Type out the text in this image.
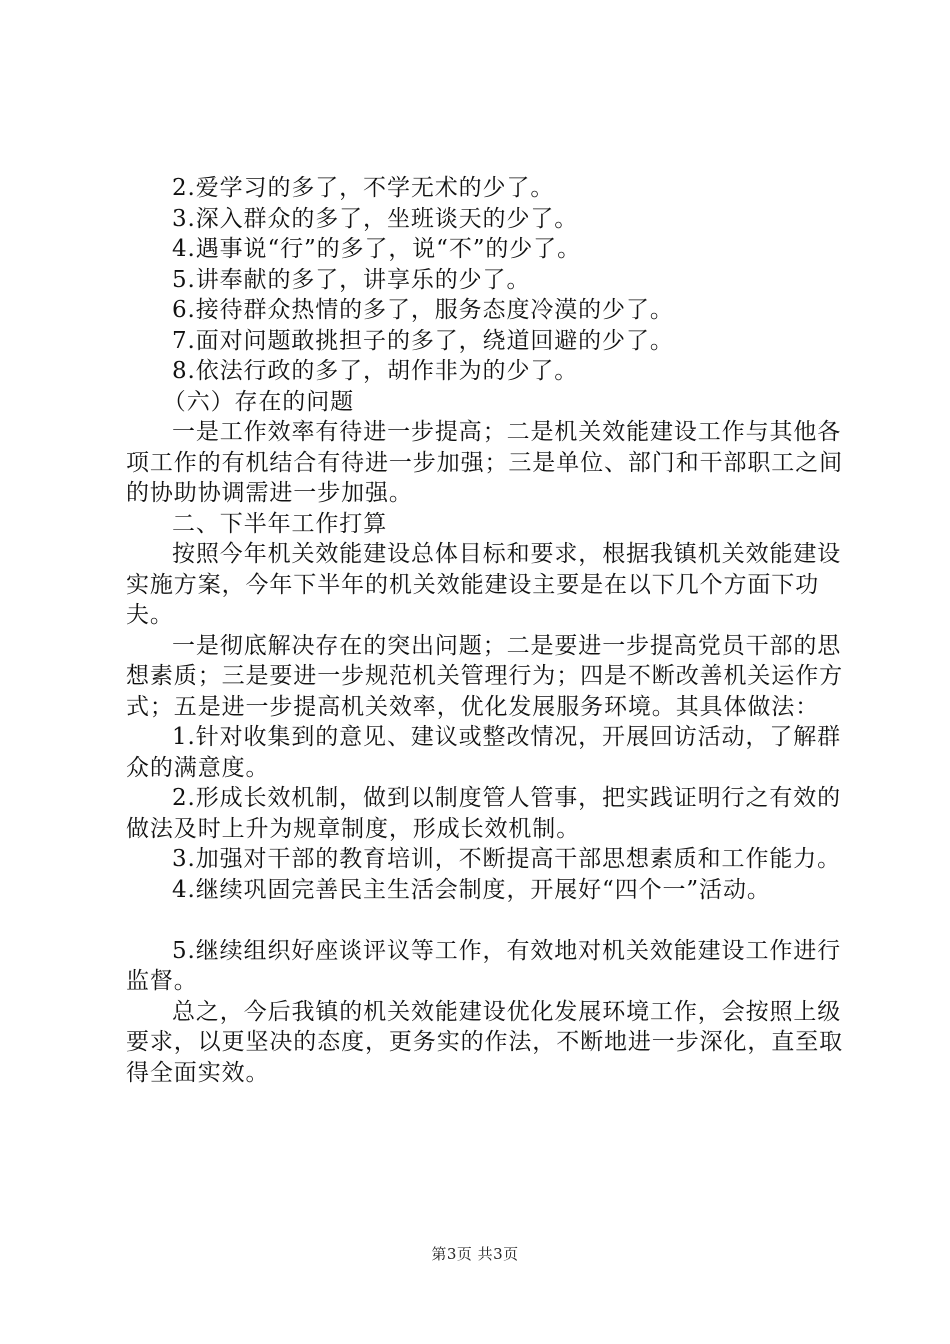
2.爱学习的多了，不学无术的少了。

3.深入群众的多了，坐班谈天的少了。

4.遇事说“行”的多了，说“不”的少了。

5.讲奉献的多了，讲享乐的少了。

6.接待群众热情的多了，服务态度冷漠的少了。

7.面对问题敢挑担子的多了，绕道回避的少了。

8.依法行政的多了，胡作非为的少了。

（六）存在的问题

一是工作效率有待进一步提高；二是机关效能建设工作与其他各项工作的有机结合有待进一步加强；三是单位、部门和干部职工之间的协助协调需进一步加强。

二、下半年工作打算

按照今年机关效能建设总体目标和要求，根据我镇机关效能建设实施方案，今年下半年的机关效能建设主要是在以下几个方面下功夫。

一是彻底解决存在的突出问题；二是要进一步提高党员干部的思想素质；三是要进一步规范机关管理行为；四是不断改善机关运作方式；五是进一步提高机关效率，优化发展服务环境。其具体做法：

1.针对收集到的意见、建议或整改情况，开展回访活动，了解群众的满意度。

2.形成长效机制，做到以制度管人管事，把实践证明行之有效的做法及时上升为规章制度，形成长效机制。

3.加强对干部的教育培训，不断提高干部思想素质和工作能力。

4.继续巩固完善民主生活会制度，开展好“四个一”活动。

5.继续组织好座谈评议等工作，有效地对机关效能建设工作进行监督。

总之，今后我镇的机关效能建设优化发展环境工作，会按照上级要求，以更坚决的态度，更务实的作法，不断地进一步深化，直至取得全面实效。

第3页 共3页
